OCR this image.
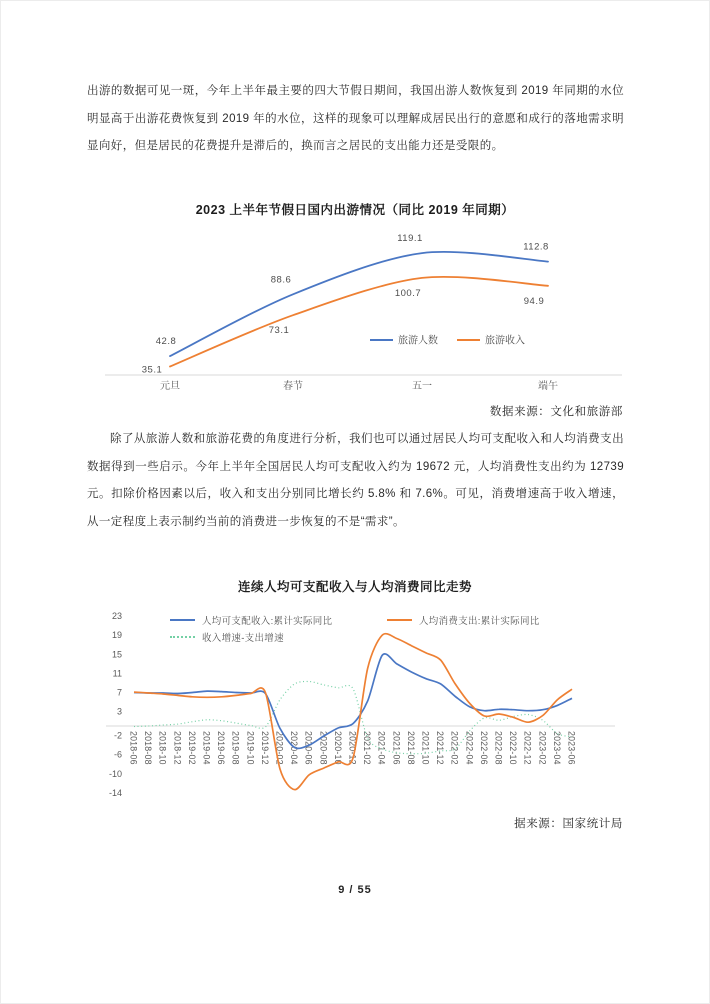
出游的数据可见一斑，今年上半年最主要的四大节假日期间，我国出游人数恢复到 2019 年同期的水位明显高于出游花费恢复到 2019 年的水位，这样的现象可以理解成居民出行的意愿和成行的落地需求明显向好，但是居民的花费提升是滞后的，换而言之居民的支出能力还是受限的。

2023 上半年节假日国内出游情况（同比 2019 年同期）
元旦	春节	五一	端午
42.8
88.6
119.1
112.8
35.1
73.1
100.7
94.9
旅游人数	旅游收入
数据来源：文化和旅游部

除了从旅游人数和旅游花费的角度进行分析，我们也可以通过居民人均可支配收入和人均消费支出数据得到一些启示。今年上半年全国居民人均可支配收入约为 19672 元，人均消费性支出约为 12739 元。扣除价格因素以后，收入和支出分别同比增长约 5.8% 和 7.6%。可见，消费增速高于收入增速，从一定程度上表示制约当前的消费进一步恢复的不是“需求”。

连续人均可支配收入与人均消费同比走势
23
19
15
11
7
3
-2
-6
-10
-14
2018-06 2018-08 2018-10 2018-12 2019-02 2019-04 2019-06 2019-08 2019-10 2019-12 2020-02 2020-04 2020-06 2020-08 2020-10 2020-12 2021-02 2021-04 2021-06 2021-08 2021-10 2021-12 2022-02 2022-04 2022-06 2022-08 2022-10 2022-12 2023-02 2023-04 2023-06
人均可支配收入:累计实际同比	人均消费支出:累计实际同比
收入增速-支出增速
据来源：国家统计局
9 / 55
